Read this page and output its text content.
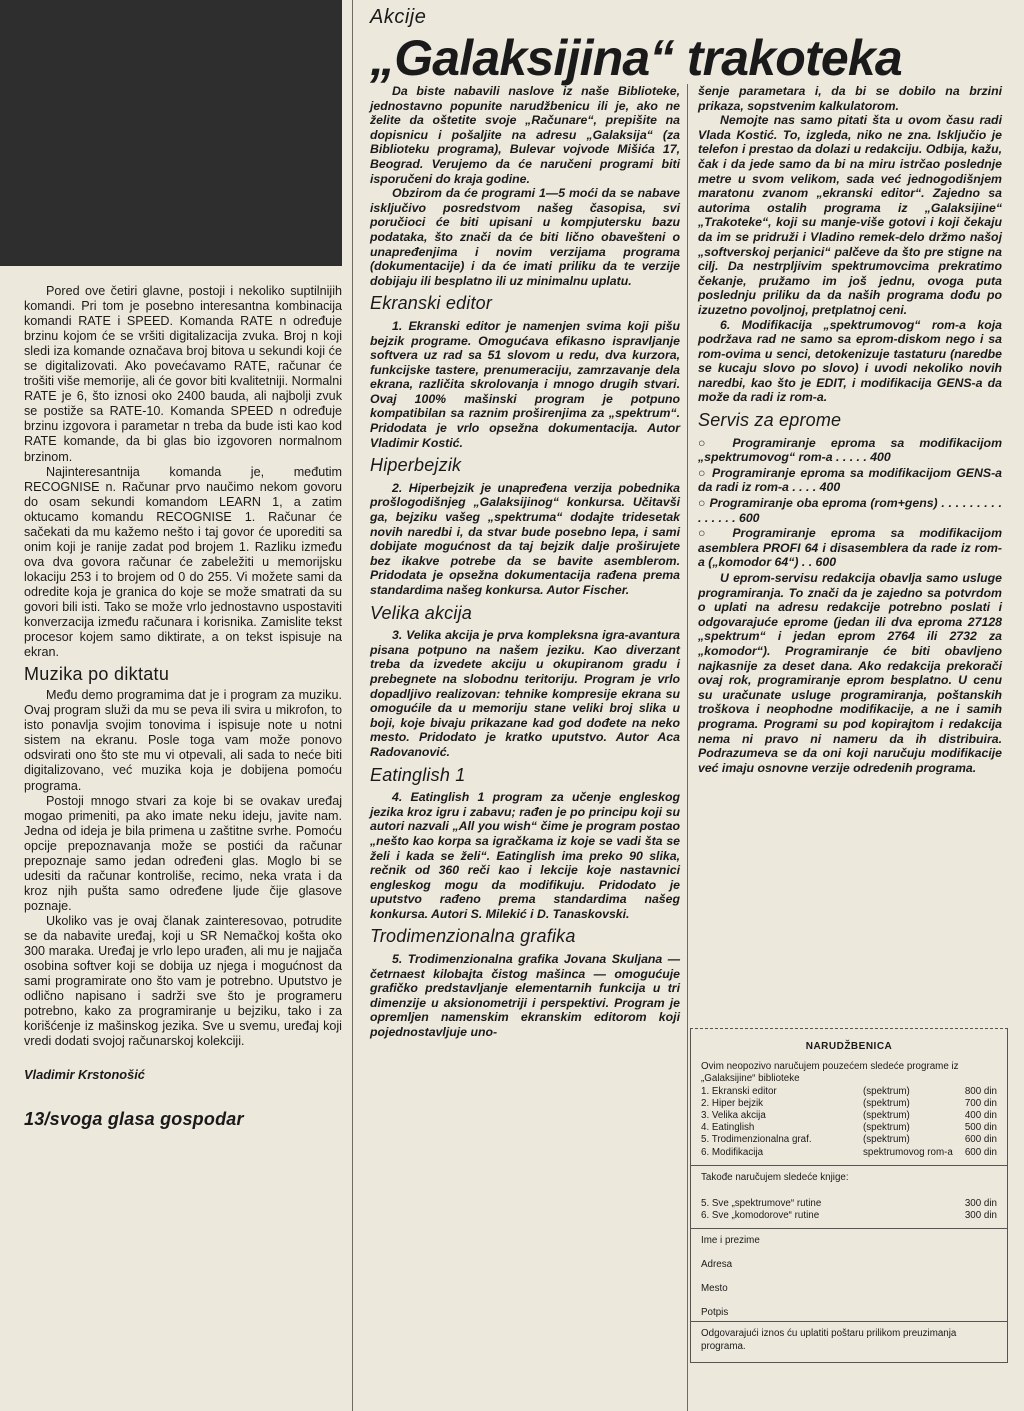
Pored ove četiri glavne, postoji i nekoliko suptilnijih komandi. Pri tom je posebno interesantna kombinacija komandi RATE i SPEED. Komanda RATE n određuje brzinu kojom će se vršiti digitalizacija zvuka. Broj n koji sledi iza komande označava broj bitova u sekundi koji će se digitalizovati. Ako povećavamo RATE, računar će trošiti više memorije, ali će govor biti kvalitetniji. Normalni RATE je 6, što iznosi oko 2400 bauda, ali najbolji zvuk se postiže sa RATE-10. Komanda SPEED n određuje brzinu izgovora i parametar n treba da bude isti kao kod RATE komande, da bi glas bio izgovoren normalnom brzinom.

Najinteresantnija komanda je, međutim RECOGNISE n. Računar prvo naučimo nekom govoru do osam sekundi komandom LEARN 1, a zatim oktucamo komandu RECOGNISE 1. Računar će sačekati da mu kažemo nešto i taj govor će uporediti sa onim koji je ranije zadat pod brojem 1. Razliku između ova dva govora računar će zabeležiti u memorijsku lokaciju 253 i to brojem od 0 do 255. Vi možete sami da odredite koja je granica do koje se može smatrati da su govori bili isti. Tako se može vrlo jednostavno uspostaviti konverzacija između računara i korisnika. Zamislite tekst procesor kojem samo diktirate, a on tekst ispisuje na ekran.

Muzika po diktatu

Među demo programima dat je i program za muziku. Ovaj program služi da mu se peva ili svira u mikrofon, to isto ponavlja svojim tonovima i ispisuje note u notni sistem na ekranu. Posle toga vam može ponovo odsvirati ono što ste mu vi otpevali, ali sada to neće biti digitalizovano, već muzika koja je dobijena pomoću programa.

Postoji mnogo stvari za koje bi se ovakav uređaj mogao primeniti, pa ako imate neku ideju, javite nam. Jedna od ideja je bila primena u zaštitne svrhe. Pomoću opcije prepoznavanja može se postići da računar prepoznaje samo jedan određeni glas. Moglo bi se udesiti da računar kontroliše, recimo, neka vrata i da kroz njih pušta samo određene ljude čije glasove poznaje.

Ukoliko vas je ovaj članak zainteresovao, potrudite se da nabavite uređaj, koji u SR Nemačkoj košta oko 300 maraka. Uređaj je vrlo lepo urađen, ali mu je najjača osobina softver koji se dobija uz njega i mogućnost da sami programirate ono što vam je potrebno. Uputstvo je odlično napisano i sadrži sve što je programeru potrebno, kako za programiranje u bejziku, tako i za korišćenje iz mašinskog jezika. Sve u svemu, uređaj koji vredi dodati svojoj računarskoj kolekciji.

Vladimir Krstonošić

13/svoga glasa gospodar

Akcije
„Galaksijina“ trakoteka

Da biste nabavili naslove iz naše Biblioteke, jednostavno popunite narudžbenicu ili je, ako ne želite da oštetite svoje „Računare“, prepišite na dopisnicu i pošaljite na adresu „Galaksija“ (za Biblioteku programa), Bulevar vojvode Mišića 17, Beograd. Verujemo da će naručeni programi biti isporučeni do kraja godine.

Obzirom da će programi 1—5 moći da se nabave isključivo posredstvom našeg časopisa, svi poručioci će biti upisani u kompjutersku bazu podataka, što znači da će biti lično obavešteni o unapređenjima i novim verzijama programa (dokumentacije) i da će imati priliku da te verzije dobijaju ili besplatno ili uz minimalnu uplatu.

Ekranski editor

1. Ekranski editor je namenjen svima koji pišu bejzik programe. Omogućava efikasno ispravljanje softvera uz rad sa 51 slovom u redu, dva kurzora, funkcijske tastere, prenumeraciju, zamrzavanje dela ekrana, različita skrolovanja i mnogo drugih stvari. Ovaj 100% mašinski program je potpuno kompatibilan sa raznim proširenjima za „spektrum“. Pridodata je vrlo opsežna dokumentacija. Autor Vladimir Kostić.

Hiperbejzik

2. Hiperbejzik je unapređena verzija pobednika prošlogodišnjeg „Galaksijinog“ konkursa. Učitavši ga, bejziku vašeg „spektruma“ dodajte tridesetak novih naredbi i, da stvar bude posebno lepa, i sami dobijate mogućnost da taj bejzik dalje proširujete bez ikakve potrebe da se bavite asemblerom. Pridodata je opsežna dokumentacija rađena prema standardima našeg konkursa. Autor Fischer.

Velika akcija

3. Velika akcija je prva kompleksna igra-avantura pisana potpuno na našem jeziku. Kao diverzant treba da izvedete akciju u okupiranom gradu i prebegnete na slobodnu teritoriju. Program je vrlo dopadljivo realizovan: tehnike kompresije ekrana su omogućile da u memoriju stane veliki broj slika u boji, koje bivaju prikazane kad god dođete na neko mesto. Pridodato je kratko uputstvo. Autor Aca Radovanović.

Eatinglish 1

4. Eatinglish 1 program za učenje engleskog jezika kroz igru i zabavu; rađen je po principu koji su autori nazvali „All you wish“ čime je program postao „nešto kao korpa sa igračkama iz koje se vadi šta se želi i kada se želi“. Eatinglish ima preko 90 slika, rečnik od 360 reči kao i lekcije koje nastavnici engleskog mogu da modifikuju. Pridodato je uputstvo rađeno prema standardima našeg konkursa. Autori S. Milekić i D. Tanaskovski.

Trodimenzionalna grafika

5. Trodimenzionalna grafika Jovana Skuljana — četrnaest kilobajta čistog mašinca — omogućuje grafičko predstavljanje elementarnih funkcija u tri dimenzije u aksionometriji i perspektivi. Program je opremljen namenskim ekranskim editorom koji pojednostavljuje uno-

šenje parametara i, da bi se dobilo na brzini prikaza, sopstvenim kalkulatorom.

Nemojte nas samo pitati šta u ovom času radi Vlada Kostić. To, izgleda, niko ne zna. Isključio je telefon i prestao da dolazi u redakciju. Odbija, kažu, čak i da jede samo da bi na miru istrčao poslednje metre u svom velikom, sada već jednogodišnjem maratonu zvanom „ekranski editor“. Zajedno sa autorima ostalih programa iz „Galaksijine“ „Trakoteke“, koji su manje-više gotovi i koji čekaju da im se pridruži i Vladino remek-delo držmo našoj „softverskoj perjanici“ palčeve da što pre stigne na cilj. Da nestrpljivim spektrumovcima prekratimo čekanje, pružamo im još jednu, ovoga puta poslednju priliku da da naših programa dođu po izuzetno povoljnoj, pretplatnoj ceni.

6. Modifikacija „spektrumovog“ rom-a koja podržava rad ne samo sa eprom-diskom nego i sa rom-ovima u senci, detokenizuje tastaturu (naredbe se kucaju slovo po slovo) i uvodi nekoliko novih naredbi, kao što je EDIT, i modifikacija GENS-a da može da radi iz rom-a.

Servis za eprome
○ Programiranje eproma sa modifikacijom „spektrumovog“ rom-a . . . . . 400
○ Programiranje eproma sa modifikacijom GENS-a da radi iz rom-a . . . . 400
○ Programiranje oba eproma (rom+gens) . . . . . . . . . . . . . . . 600
○ Programiranje eproma sa modifikacijom asemblera PROFI 64 i disasemblera da rade iz rom-a („komodor 64“) . . 600

U eprom-servisu redakcija obavlja samo usluge programiranja. To znači da je zajedno sa potvrdom o uplati na adresu redakcije potrebno poslati i odgovarajuće eprome (jedan ili dva eproma 27128 „spektrum“ i jedan eprom 2764 ili 2732 za „komodor“). Programiranje će biti obavljeno najkasnije za deset dana. Ako redakcija prekorači ovaj rok, programiranje eprom besplatno. U cenu su uračunate usluge programiranja, poštanskih troškova i neophodne modifikacije, a ne i samih programa. Programi su pod kopirajtom i redakcija nema ni pravo ni nameru da ih distribuira. Podrazumeva se da oni koji naručuju modifikacije već imaju osnovne verzije odredenih programa.

NARUDŽBENICA
Ovim neopozivo naručujem pouzećem sledeće programe iz „Galaksijine“ biblioteke
1. Ekranski editor	(spektrum)	800 din
2. Hiper bejzik	(spektrum)	700 din
3. Velika akcija	(spektrum)	400 din
4. Eatinglish	(spektrum)	500 din
5. Trodimenzionalna graf.	(spektrum)	600 din
6. Modifikacija	spektrumovog rom-a	600 din
Takođe naručujem sledeće knjige:
5. Sve „spektrumove“ rutine	300 din
6. Sve „komodorove“ rutine	300 din
Ime i prezime
Adresa
Mesto
Potpis
Odgovarajući iznos ću uplatiti poštaru prilikom preuzimanja programa.
